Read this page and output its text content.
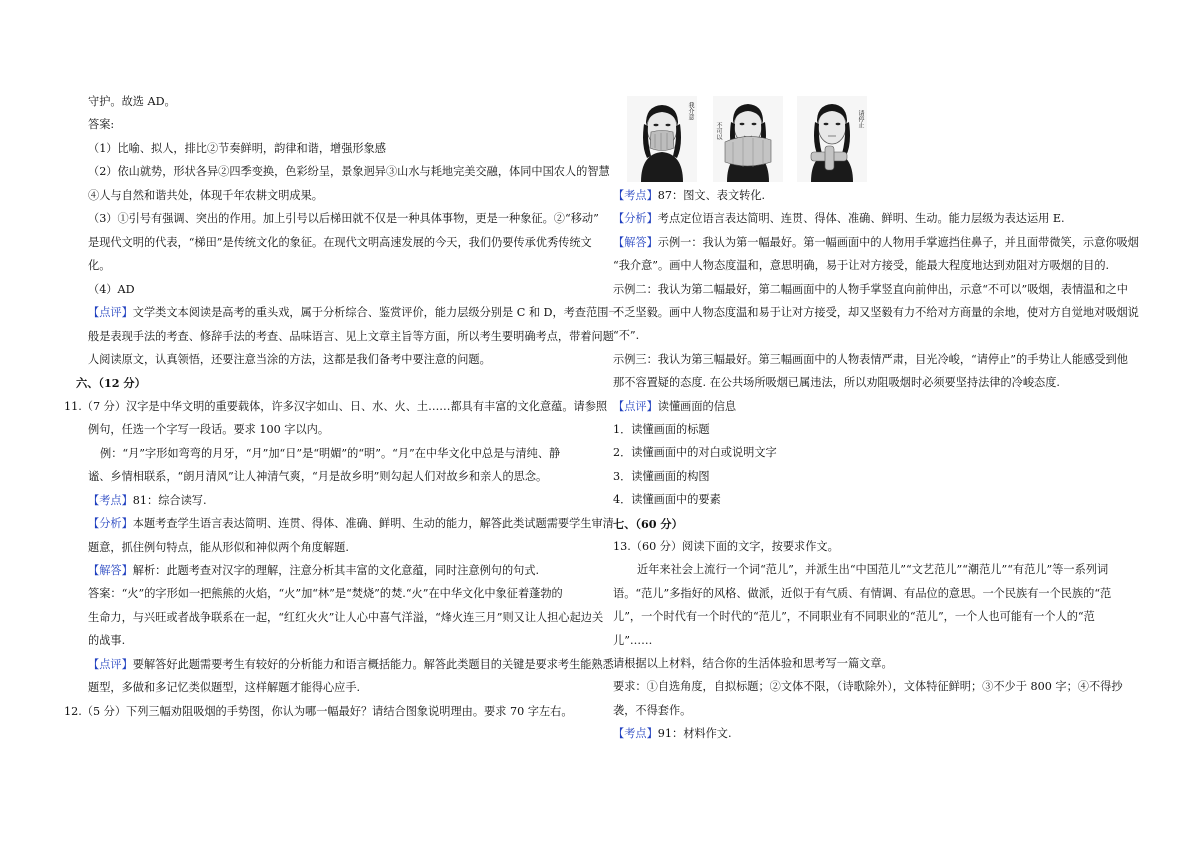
守护。故选 AD。
答案:
（1）比喻、拟人，排比②节奏鲜明，韵律和谐，增强形象感
（2）依山就势，形状各异②四季变换，色彩纷呈，景象迥异③山水与耗地完美交融，体同中国农人的智慧
④人与自然和谐共处，体现千年农耕文明成果。
（3）①引号有强调、突出的作用。加上引号以后梯田就不仅是一种具体事物，更是一种象征。②“移动”
是现代文明的代表，“梯田”是传统文化的象征。在现代文明高速发展的今天，我们仍要传承优秀传统文
化。
（4）AD
【点评】文学类文本阅读是高考的重头戏，属于分析综合、鉴赏评价，能力层级分别是 C 和 D，考查范围一
般是表现手法的考查、修辞手法的考查、品味语言、见上文章主旨等方面，所以考生要明确考点，带着问题
人阅读原文，认真领悟，还要注意当涂的方法，这都是我们备考中要注意的问题。
六、（12 分）
11.（7 分）汉字是中华文明的重要载体，许多汉字如山、日、水、火、土……都具有丰富的文化意蕴。请参照
例句，任选一个字写一段话。要求 100 字以内。
例：“月”字形如弯弯的月牙，“月”加“日”是“明媚”的“明”。“月”在中华文化中总是与清纯、静
谧、乡情相联系，“朗月清风”让人神清气爽，“月是故乡明”则勾起人们对故乡和亲人的思念。
【考点】81：综合读写.
【分析】本题考查学生语言表达简明、连贯、得体、准确、鲜明、生动的能力，解答此类试题需要学生审清
题意，抓住例句特点，能从形似和神似两个角度解题.
【解答】解析：此题考查对汉字的理解，注意分析其丰富的文化意蕴，同时注意例句的句式.
答案：“火”的字形如一把熊熊的火焰，“火”加“林”是“焚烧”的焚.“火”在中华文化中象征着蓬勃的
生命力，与兴旺或者战争联系在一起，“红红火火”让人心中喜气洋溢，“烽火连三月”则又让人担心起边关
的战事.
【点评】要解答好此题需要考生有较好的分析能力和语言概括能力。解答此类题目的关键是要求考生能熟悉
题型，多做和多记忆类似题型，这样解题才能得心应手.
12.（5 分）下列三幅劝阻吸烟的手势图，你认为哪一幅最好？请结合图象说明理由。要求 70 字左右。
我介意
不可以
请停止
【考点】87：图文、表文转化.
【分析】考点定位语言表达简明、连贯、得体、准确、鲜明、生动。能力层级为表达运用 E.
【解答】示例一：我认为第一幅最好。第一幅画面中的人物用手掌遮挡住鼻子，并且面带微笑，示意你吸烟
“我介意”。画中人物态度温和，意思明确，易于让对方接受，能最大程度地达到劝阻对方吸烟的目的.
示例二：我认为第二幅最好，第二幅画面中的人物手掌竖直向前伸出，示意“不可以”吸烟，表情温和之中
不乏坚毅。画中人物态度温和易于让对方接受，却又坚毅有力不给对方商量的余地，使对方自觉地对吸烟说
“不”.
示例三：我认为第三幅最好。第三幅画面中的人物表情严肃，目光冷峻，“请停止”的手势让人能感受到他
那不容置疑的态度. 在公共场所吸烟已属违法，所以劝阻吸烟时必须要坚持法律的冷峻态度.
【点评】读懂画面的信息
1．读懂画面的标题
2．读懂画面中的对白或说明文字
3．读懂画面的构图
4．读懂画面中的要素
七、（60 分）
13.（60 分）阅读下面的文字，按要求作文。
近年来社会上流行一个词“范儿”，并派生出“中国范儿”“文艺范儿”“潮范儿”“有范儿”等一系列词
语。“范儿”多指好的风格、做派，近似于有气质、有情调、有品位的意思。一个民族有一个民族的“范
儿”，一个时代有一个时代的“范儿”，不同职业有不同职业的“范儿”，一个人也可能有一个人的“范
儿”……
请根据以上材料，结合你的生活体验和思考写一篇文章。
要求：①自选角度，自拟标题；②文体不限，（诗歌除外），文体特征鲜明；③不少于 800 字；④不得抄
袭，不得套作。
【考点】91：材料作文.
